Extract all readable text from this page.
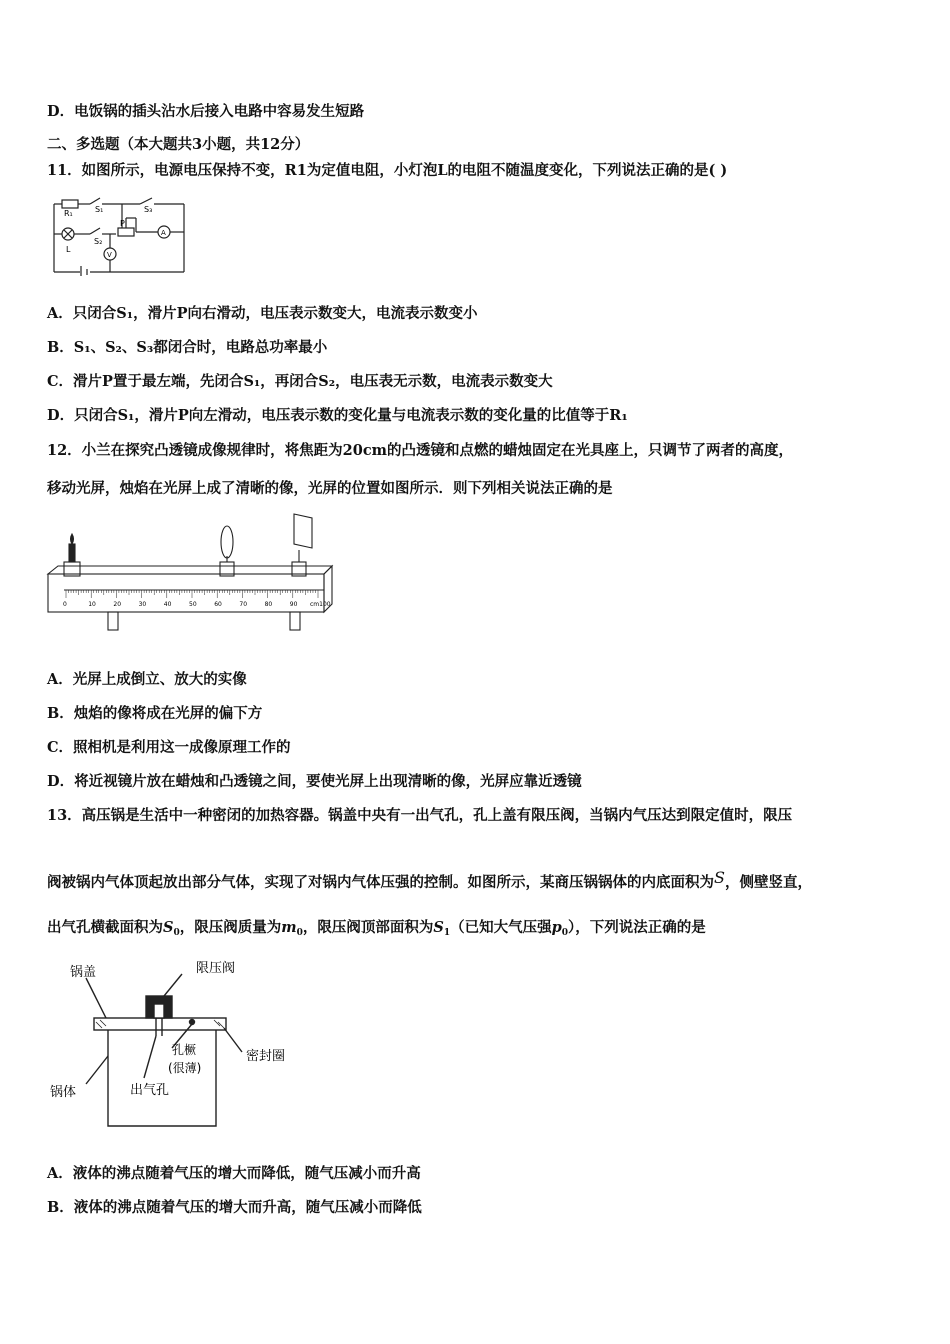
D．电饭锅的插头沾水后接入电路中容易发生短路
二、多选题（本大题共3小题，共12分）
11．如图所示，电源电压保持不变，R1为定值电阻，小灯泡L的电阻不随温度变化，下列说法正确的是( )
R₁	S₁	S₃
S₂
P
L
V
A
A．只闭合S₁，滑片P向右滑动，电压表示数变大，电流表示数变小
B．S₁、S₂、S₃都闭合时，电路总功率最小
C．滑片P置于最左端，先闭合S₁，再闭合S₂，电压表无示数，电流表示数变大
D．只闭合S₁，滑片P向左滑动，电压表示数的变化量与电流表示数的变化量的比值等于R₁
12．小兰在探究凸透镜成像规律时，将焦距为20cm的凸透镜和点燃的蜡烛固定在光具座上，只调节了两者的高度，
移动光屏，烛焰在光屏上成了清晰的像，光屏的位置如图所示．则下列相关说法正确的是
0	10	20	30	40	50	60	70	80	90 cm100
A．光屏上成倒立、放大的实像
B．烛焰的像将成在光屏的偏下方
C．照相机是利用这一成像原理工作的
D．将近视镜片放在蜡烛和凸透镜之间，要使光屏上出现清晰的像，光屏应靠近透镜
13．高压锅是生活中一种密闭的加热容器。锅盖中央有一出气孔，孔上盖有限压阀，当锅内气压达到限定值时，限压
阀被锅内气体顶起放出部分气体，实现了对锅内气体压强的控制。如图所示，某商压锅锅体的内底面积为S，侧壁竖直，
出气孔横截面积为$S_0$，限压阀质量为$m_0$，限压阀顶部面积为$S_1$（已知大气压强$p_0$），下列说法正确的是
锅盖	限压阀
孔橛
(很薄)
密封圈
锅体	出气孔
A．液体的沸点随着气压的增大而降低，随气压减小而升高
B．液体的沸点随着气压的增大而升高，随气压减小而降低
